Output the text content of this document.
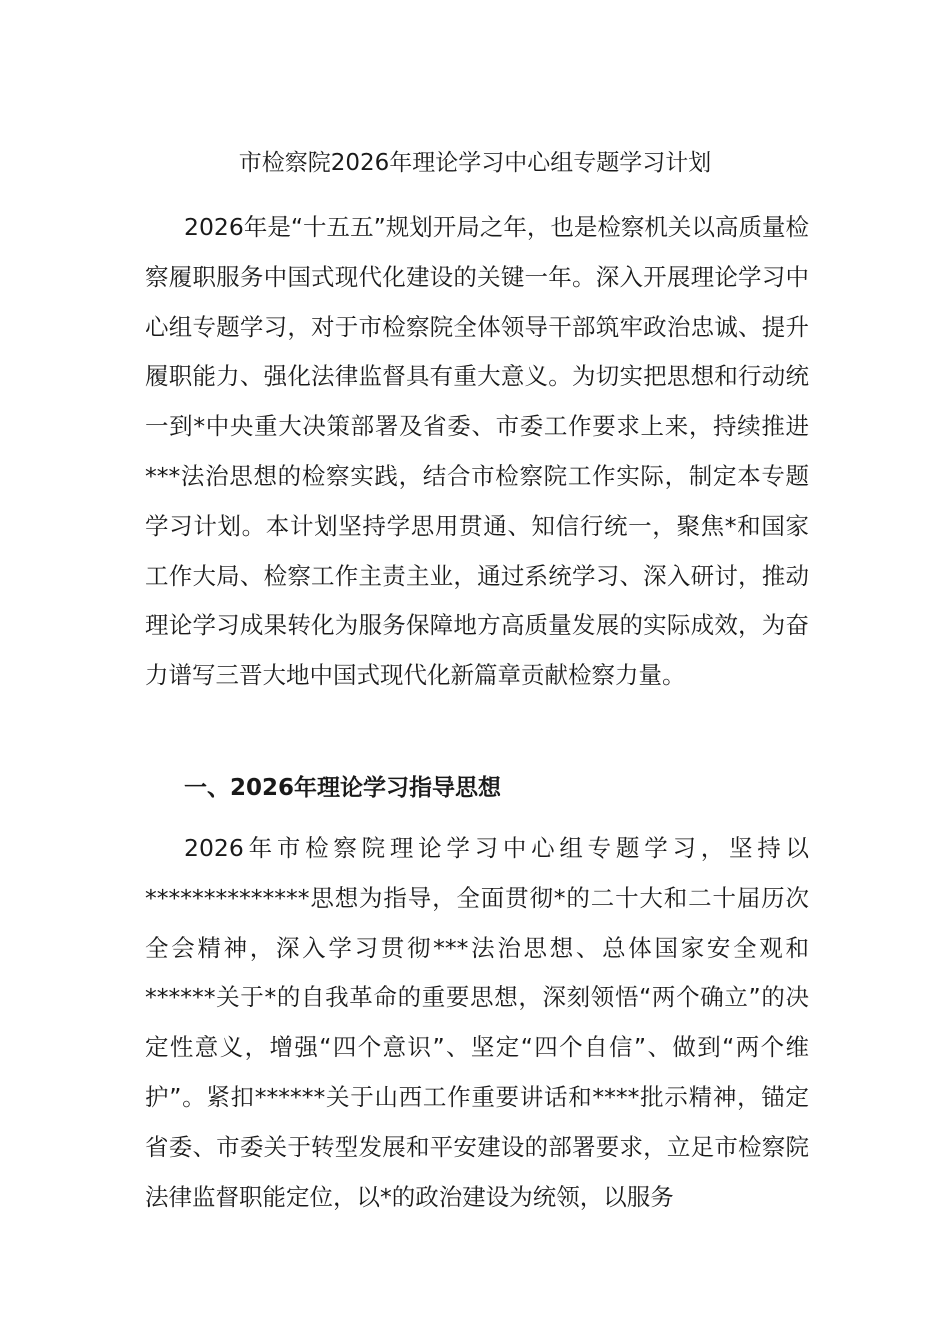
市检察院2026年理论学习中心组专题学习计划

2026年是“十五五”规划开局之年，也是检察机关以高质量检察履职服务中国式现代化建设的关键一年。深入开展理论学习中心组专题学习，对于市检察院全体领导干部筑牢政治忠诚、提升履职能力、强化法律监督具有重大意义。为切实把思想和行动统一到*中央重大决策部署及省委、市委工作要求上来，持续推进***法治思想的检察实践，结合市检察院工作实际，制定本专题学习计划。本计划坚持学思用贯通、知信行统一，聚焦*和国家工作大局、检察工作主责主业，通过系统学习、深入研讨，推动理论学习成果转化为服务保障地方高质量发展的实际成效，为奋力谱写三晋大地中国式现代化新篇章贡献检察力量。

一、2026年理论学习指导思想

2026年市检察院理论学习中心组专题学习，坚持以**************思想为指导，全面贯彻*的二十大和二十届历次全会精神，深入学习贯彻***法治思想、总体国家安全观和******关于*的自我革命的重要思想，深刻领悟“两个确立”的决定性意义，增强“四个意识”、坚定“四个自信”、做到“两个维护”。紧扣******关于山西工作重要讲话和****批示精神，锚定省委、市委关于转型发展和平安建设的部署要求，立足市检察院法律监督职能定位，以*的政治建设为统领，以服务
